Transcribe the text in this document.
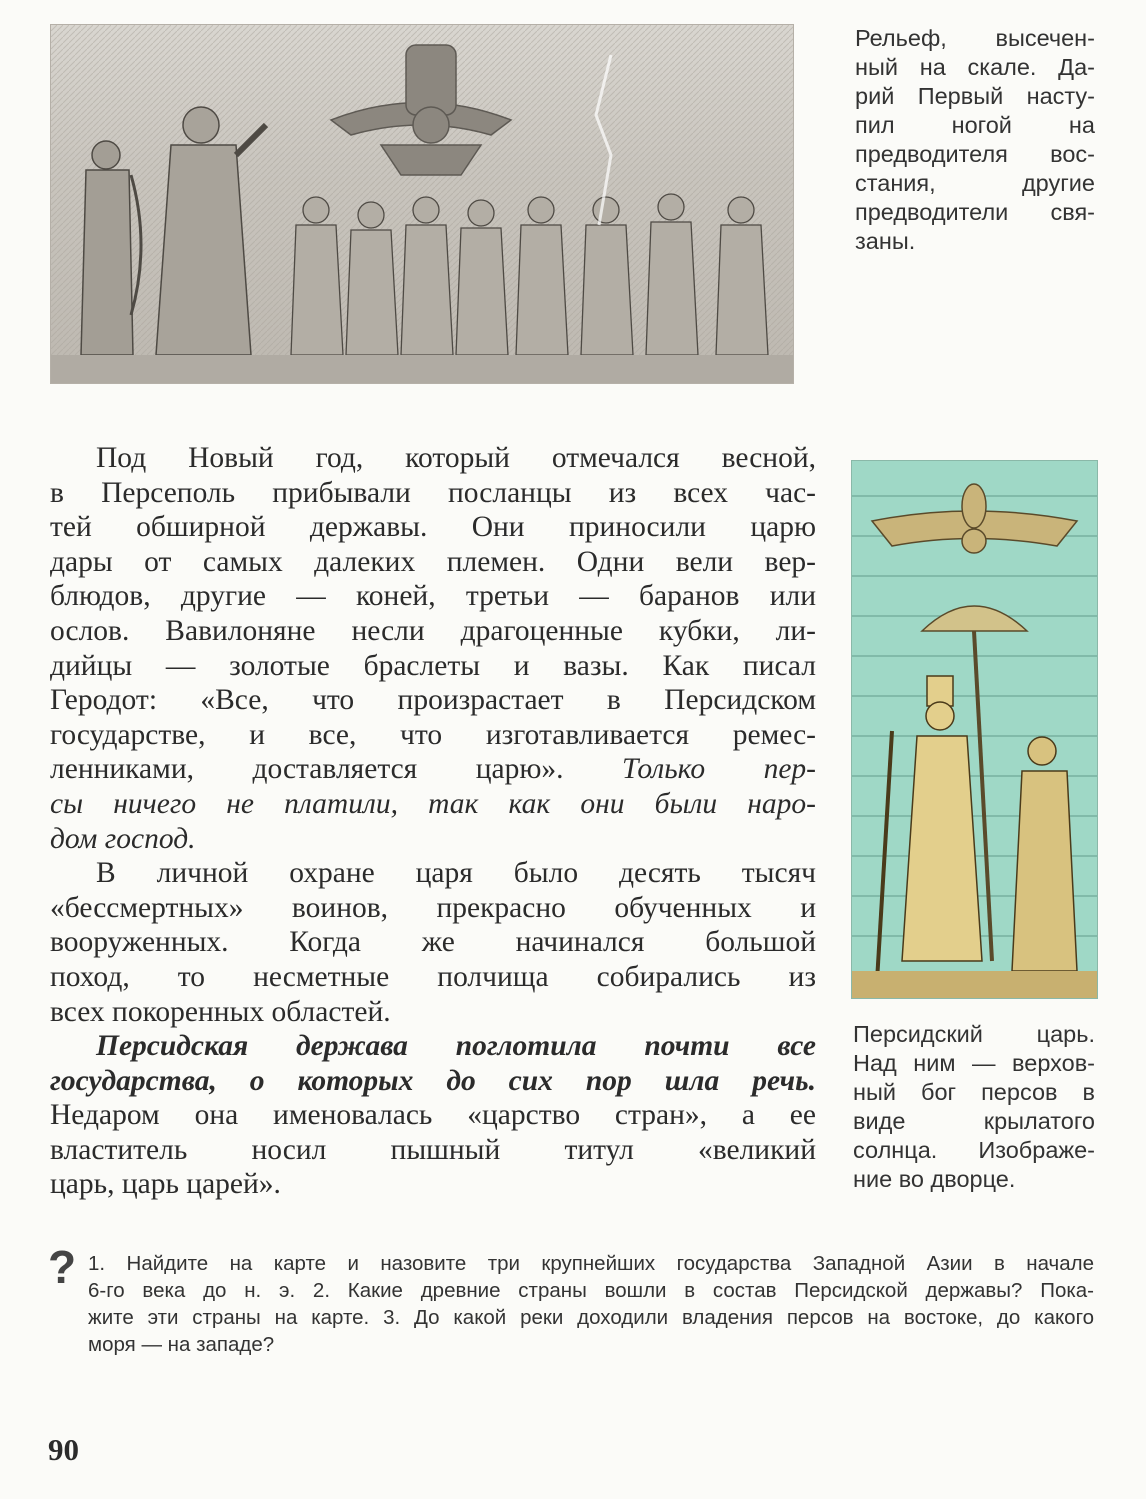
Рельеф, высечен-
ный на скале. Да-
рий Первый насту-
пил ногой на
предводителя вос-
стания, другие
предводители свя-
заны.
Персидский царь.
Над ним — верхов-
ный бог персов в
виде крылатого
солнца. Изображе-
ние во дворце.
Под Новый год, который отмечался весной,
в Персеполь прибывали посланцы из всех час-
тей обширной державы. Они приносили царю
дары от самых далеких племен. Одни вели вер-
блюдов, другие — коней, третьи — баранов или
ослов. Вавилоняне несли драгоценные кубки, ли-
дийцы — золотые браслеты и вазы. Как писал
Геродот: «Все, что произрастает в Персидском
государстве, и все, что изготавливается ремес-
ленниками, доставляется царю». Только пер-
сы ничего не платили, так как они были наро-
дом господ.
В личной охране царя было десять тысяч
«бессмертных» воинов, прекрасно обученных и
вооруженных. Когда же начинался большой
поход, то несметные полчища собирались из
всех покоренных областей.
Персидская держава поглотила почти все
государства, о которых до сих пор шла речь.
Недаром она именовалась «царство стран», а ее
властитель носил пышный титул «великий
царь, царь царей».
? 1. Найдите на карте и назовите три крупнейших государства Западной Азии в начале
6-го века до н. э. 2. Какие древние страны вошли в состав Персидской державы? Пока-
жите эти страны на карте. 3. До какой реки доходили владения персов на востоке, до какого
моря — на западе?
90
